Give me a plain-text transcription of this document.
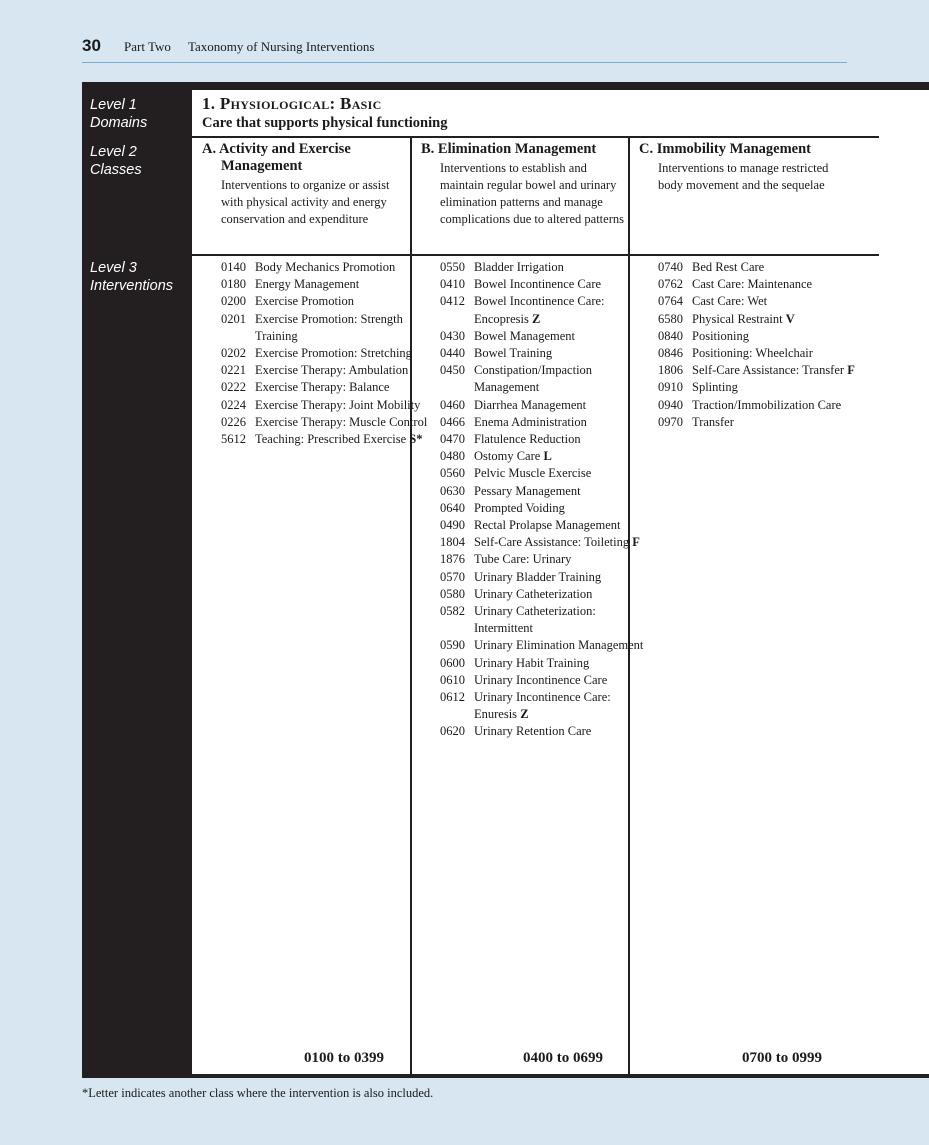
30 Part Two Taxonomy of Nursing Interventions
Level 1
Domains
Level 2
Classes
Level 3
Interventions
1. Physiological: Basic
Care that supports physical functioning
A. Activity and Exercise Management
Interventions to organize or assist with physical activity and energy conservation and expenditure
B. Elimination Management
Interventions to establish and maintain regular bowel and urinary elimination patterns and manage complications due to altered patterns
C. Immobility Management
Interventions to manage restricted body movement and the sequelae
0140 Body Mechanics Promotion
0180 Energy Management
0200 Exercise Promotion
0201 Exercise Promotion: Strength Training
0202 Exercise Promotion: Stretching
0221 Exercise Therapy: Ambulation
0222 Exercise Therapy: Balance
0224 Exercise Therapy: Joint Mobility
0226 Exercise Therapy: Muscle Control
5612 Teaching: Prescribed Exercise S*
0550 Bladder Irrigation
0410 Bowel Incontinence Care
0412 Bowel Incontinence Care: Encopresis Z
0430 Bowel Management
0440 Bowel Training
0450 Constipation/Impaction Management
0460 Diarrhea Management
0466 Enema Administration
0470 Flatulence Reduction
0480 Ostomy Care L
0560 Pelvic Muscle Exercise
0630 Pessary Management
0640 Prompted Voiding
0490 Rectal Prolapse Management
1804 Self-Care Assistance: Toileting F
1876 Tube Care: Urinary
0570 Urinary Bladder Training
0580 Urinary Catheterization
0582 Urinary Catheterization: Intermittent
0590 Urinary Elimination Management
0600 Urinary Habit Training
0610 Urinary Incontinence Care
0612 Urinary Incontinence Care: Enuresis Z
0620 Urinary Retention Care
0740 Bed Rest Care
0762 Cast Care: Maintenance
0764 Cast Care: Wet
6580 Physical Restraint V
0840 Positioning
0846 Positioning: Wheelchair
1806 Self-Care Assistance: Transfer F
0910 Splinting
0940 Traction/Immobilization Care
0970 Transfer
0100 to 0399	0400 to 0699	0700 to 0999
*Letter indicates another class where the intervention is also included.
